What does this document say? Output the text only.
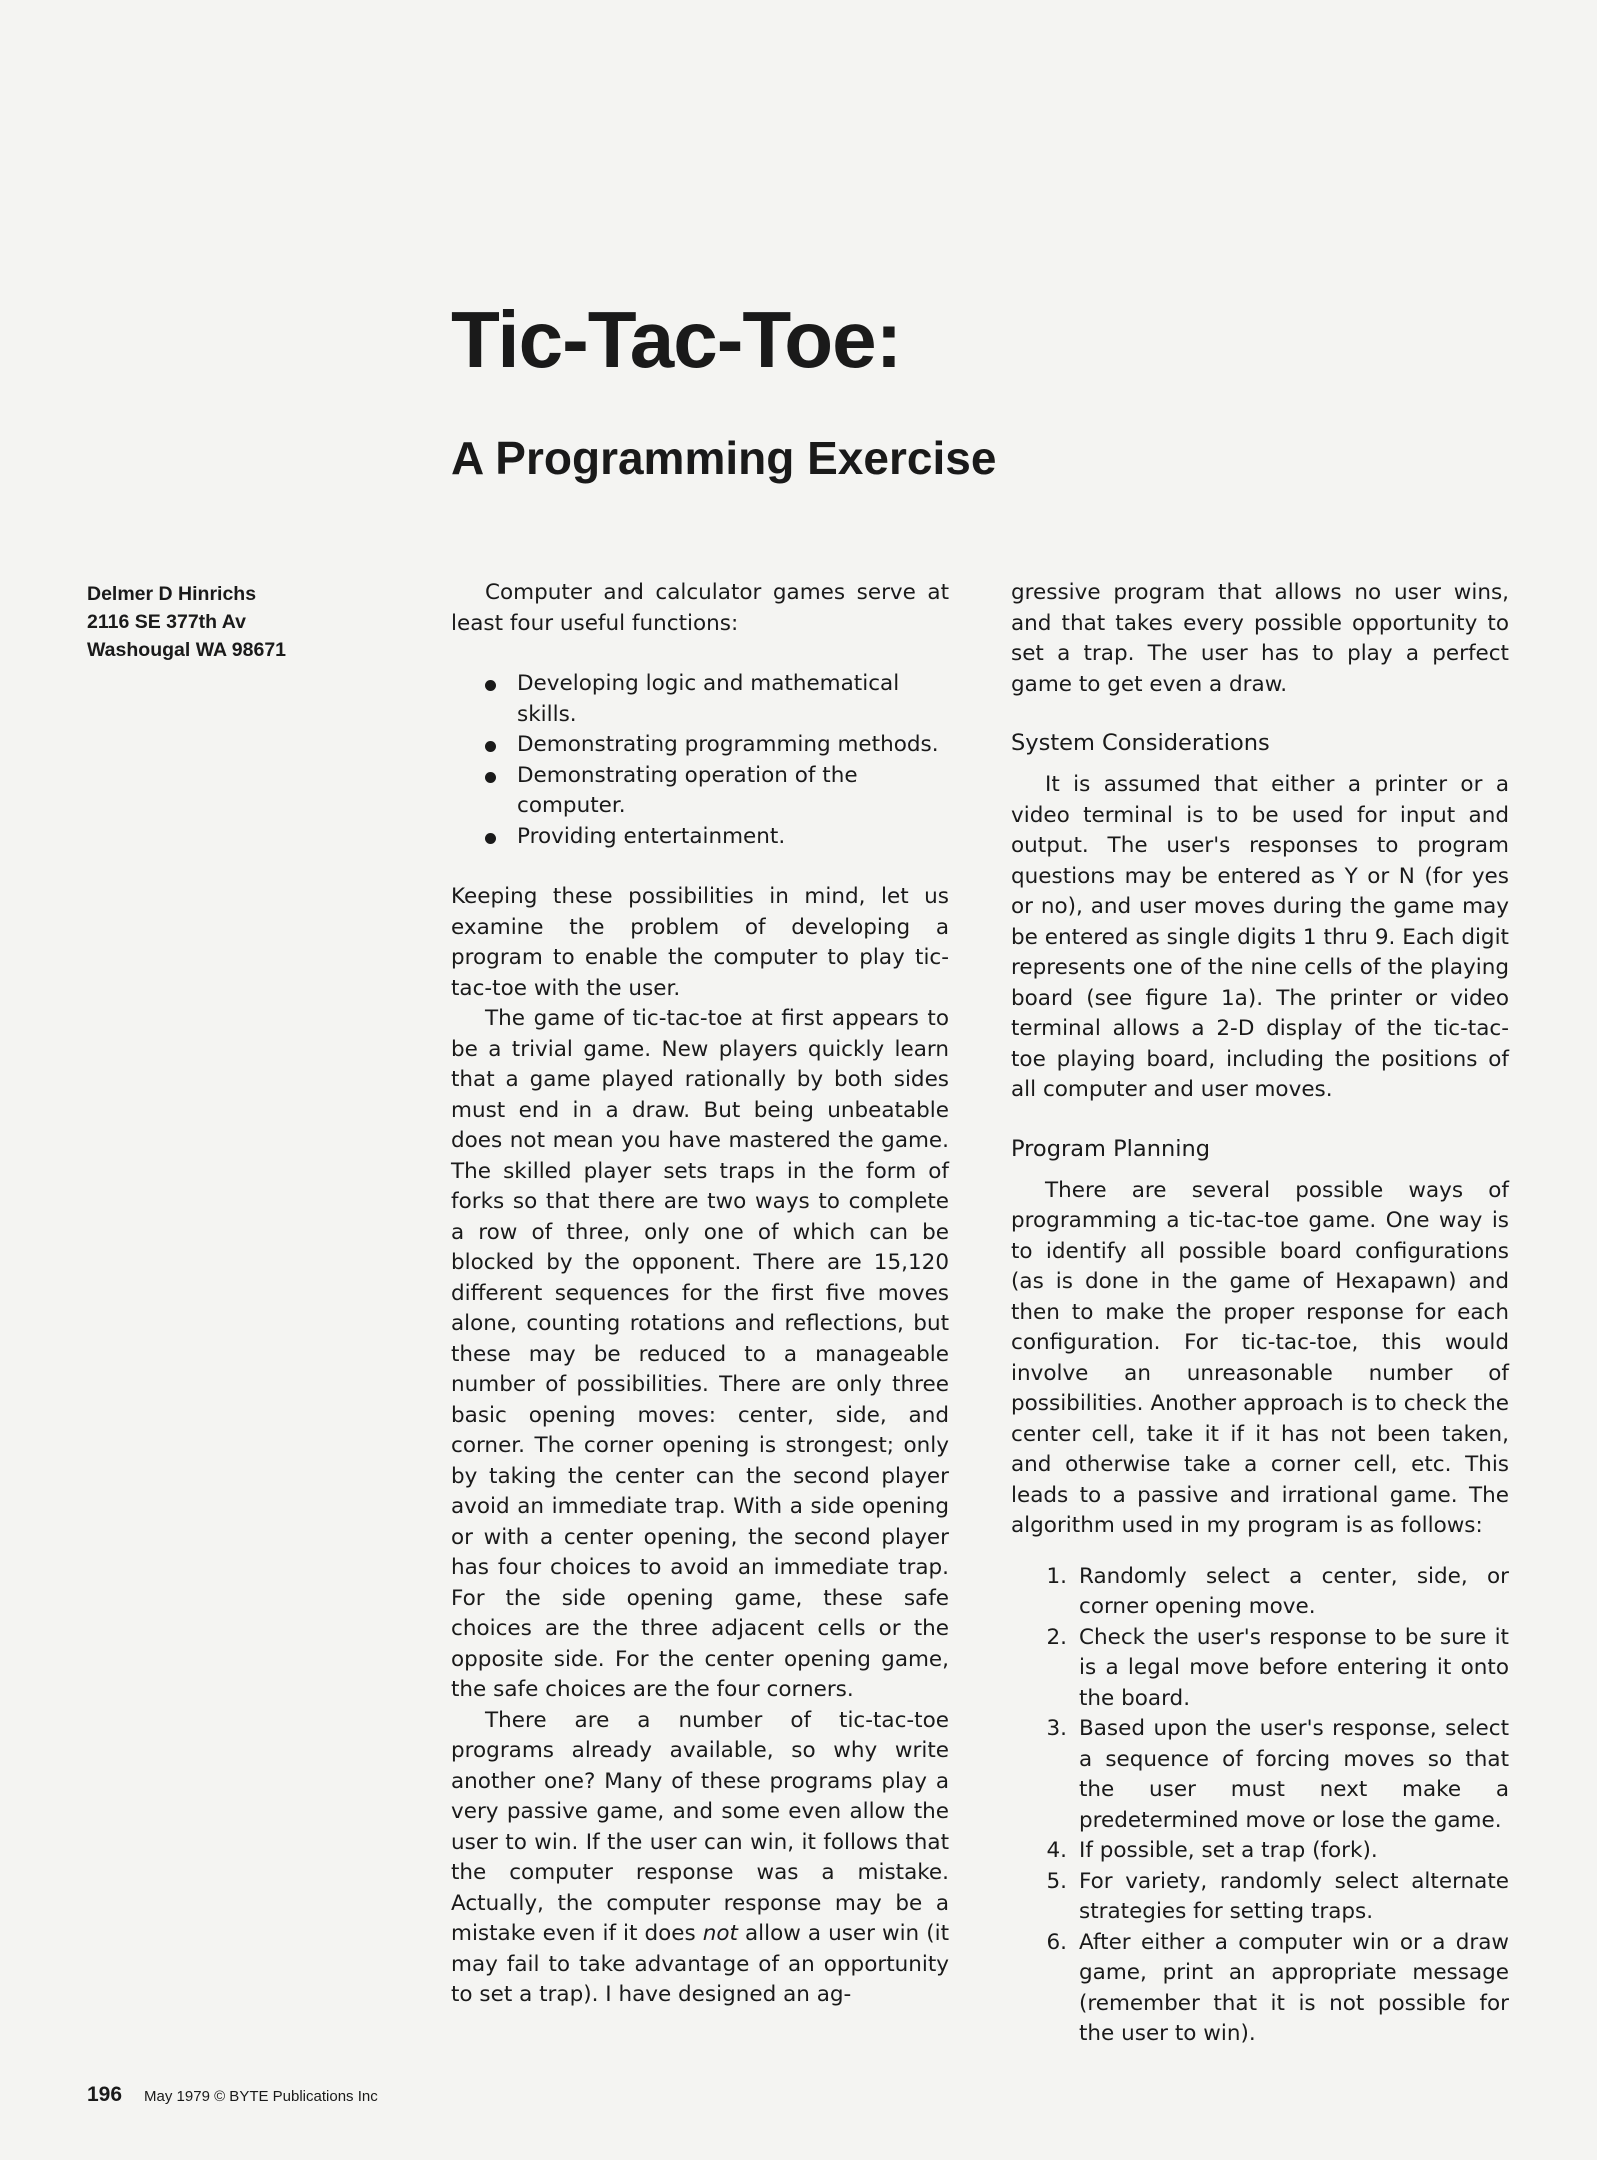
Tic-Tac-Toe:
A Programming Exercise
Delmer D Hinrichs
2116 SE 377th Av
Washougal WA 98671

Computer and calculator games serve at least four useful functions:

Developing logic and mathematical skills.
Demonstrating programming methods.
Demonstrating operation of the computer.
Providing entertainment.

Keeping these possibilities in mind, let us examine the problem of developing a program to enable the computer to play tic-tac-toe with the user.

The game of tic-tac-toe at first appears to be a trivial game. New players quickly learn that a game played rationally by both sides must end in a draw. But being unbeatable does not mean you have mastered the game. The skilled player sets traps in the form of forks so that there are two ways to complete a row of three, only one of which can be blocked by the opponent. There are 15,120 different sequences for the first five moves alone, counting rotations and reflections, but these may be reduced to a manageable number of possibilities. There are only three basic opening moves: center, side, and corner. The corner opening is strongest; only by taking the center can the second player avoid an immediate trap. With a side opening or with a center opening, the second player has four choices to avoid an immediate trap. For the side opening game, these safe choices are the three adjacent cells or the opposite side. For the center opening game, the safe choices are the four corners.

There are a number of tic-tac-toe programs already available, so why write another one? Many of these programs play a very passive game, and some even allow the user to win. If the user can win, it follows that the computer response was a mistake. Actually, the computer response may be a mistake even if it does not allow a user win (it may fail to take advantage of an opportunity to set a trap). I have designed an ag-

gressive program that allows no user wins, and that takes every possible opportunity to set a trap. The user has to play a perfect game to get even a draw.

System Considerations

It is assumed that either a printer or a video terminal is to be used for input and output. The user's responses to program questions may be entered as Y or N (for yes or no), and user moves during the game may be entered as single digits 1 thru 9. Each digit represents one of the nine cells of the playing board (see figure 1a). The printer or video terminal allows a 2-D display of the tic-tac-toe playing board, including the positions of all computer and user moves.

Program Planning

There are several possible ways of programming a tic-tac-toe game. One way is to identify all possible board configurations (as is done in the game of Hexapawn) and then to make the proper response for each configuration. For tic-tac-toe, this would involve an unreasonable number of possibilities. Another approach is to check the center cell, take it if it has not been taken, and otherwise take a corner cell, etc. This leads to a passive and irrational game. The algorithm used in my program is as follows:

1. Randomly select a center, side, or corner opening move.
2. Check the user's response to be sure it is a legal move before entering it onto the board.
3. Based upon the user's response, select a sequence of forcing moves so that the user must next make a predetermined move or lose the game.
4. If possible, set a trap (fork).
5. For variety, randomly select alternate strategies for setting traps.
6. After either a computer win or a draw game, print an appropriate message (remember that it is not possible for the user to win).
196 May 1979 © BYTE Publications Inc
